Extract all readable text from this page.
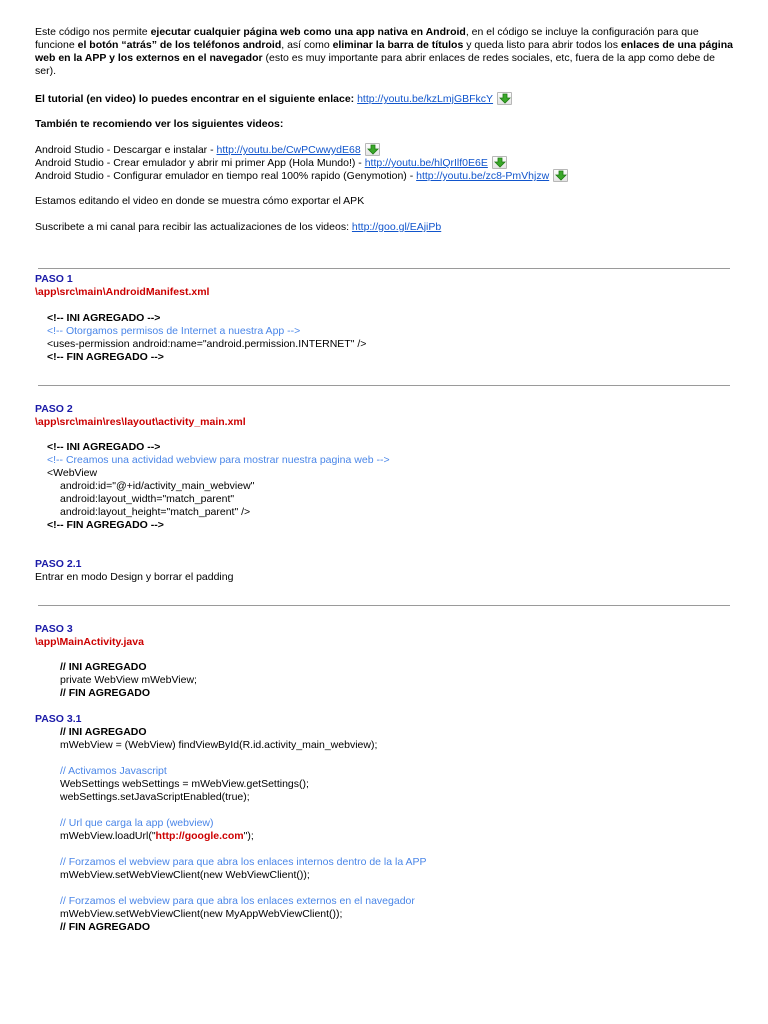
Este código nos permite ejecutar cualquier página web como una app nativa en Android, en el código se incluye la configuración para que funcione el botón “atrás” de los teléfonos android, así como eliminar la barra de títulos y queda listo para abrir todos los enlaces de una página web en la APP y los externos en el navegador (esto es muy importante para abrir enlaces de redes sociales, etc, fuera de la app como debe de ser).
El tutorial (en video) lo puedes encontrar en el siguiente enlace: http://youtu.be/kzLmjGBFkcY
También te recomiendo ver los siguientes videos:
Android Studio - Descargar e instalar - http://youtu.be/CwPCwwydE68
Android Studio - Crear emulador y abrir mi primer App (Hola Mundo!) - http://youtu.be/hlQrIlf0E6E
Android Studio - Configurar emulador en tiempo real 100% rapido (Genymotion) - http://youtu.be/zc8-PmVhjzw
Estamos editando el video en donde se muestra cómo exportar el APK
Suscribete a mi canal para recibir las actualizaciones de los videos: http://goo.gl/EAjiPb
PASO 1
\app\src\main\AndroidManifest.xml
<!-- INI AGREGADO -->
<!-- Otorgamos permisos de Internet a nuestra App -->
<uses-permission android:name="android.permission.INTERNET" />
<!-- FIN AGREGADO -->
PASO 2
\app\src\main\res\layout\activity_main.xml
<!-- INI AGREGADO -->
<!-- Creamos una actividad webview para mostrar nuestra pagina web -->
<WebView
android:id="@+id/activity_main_webview"
android:layout_width="match_parent"
android:layout_height="match_parent" />
<!-- FIN AGREGADO -->
PASO 2.1
Entrar en modo Design y borrar el padding
PASO 3
\app\MainActivity.java
// INI AGREGADO
private WebView mWebView;
// FIN AGREGADO
PASO 3.1
// INI AGREGADO
mWebView = (WebView) findViewById(R.id.activity_main_webview);
// Activamos Javascript
WebSettings webSettings = mWebView.getSettings();
webSettings.setJavaScriptEnabled(true);
// Url que carga la app (webview)
mWebView.loadUrl("http://google.com");
// Forzamos el webview para que abra los enlaces internos dentro de la la APP
mWebView.setWebViewClient(new WebViewClient());
// Forzamos el webview para que abra los enlaces externos en el navegador
mWebView.setWebViewClient(new MyAppWebViewClient());
// FIN AGREGADO
